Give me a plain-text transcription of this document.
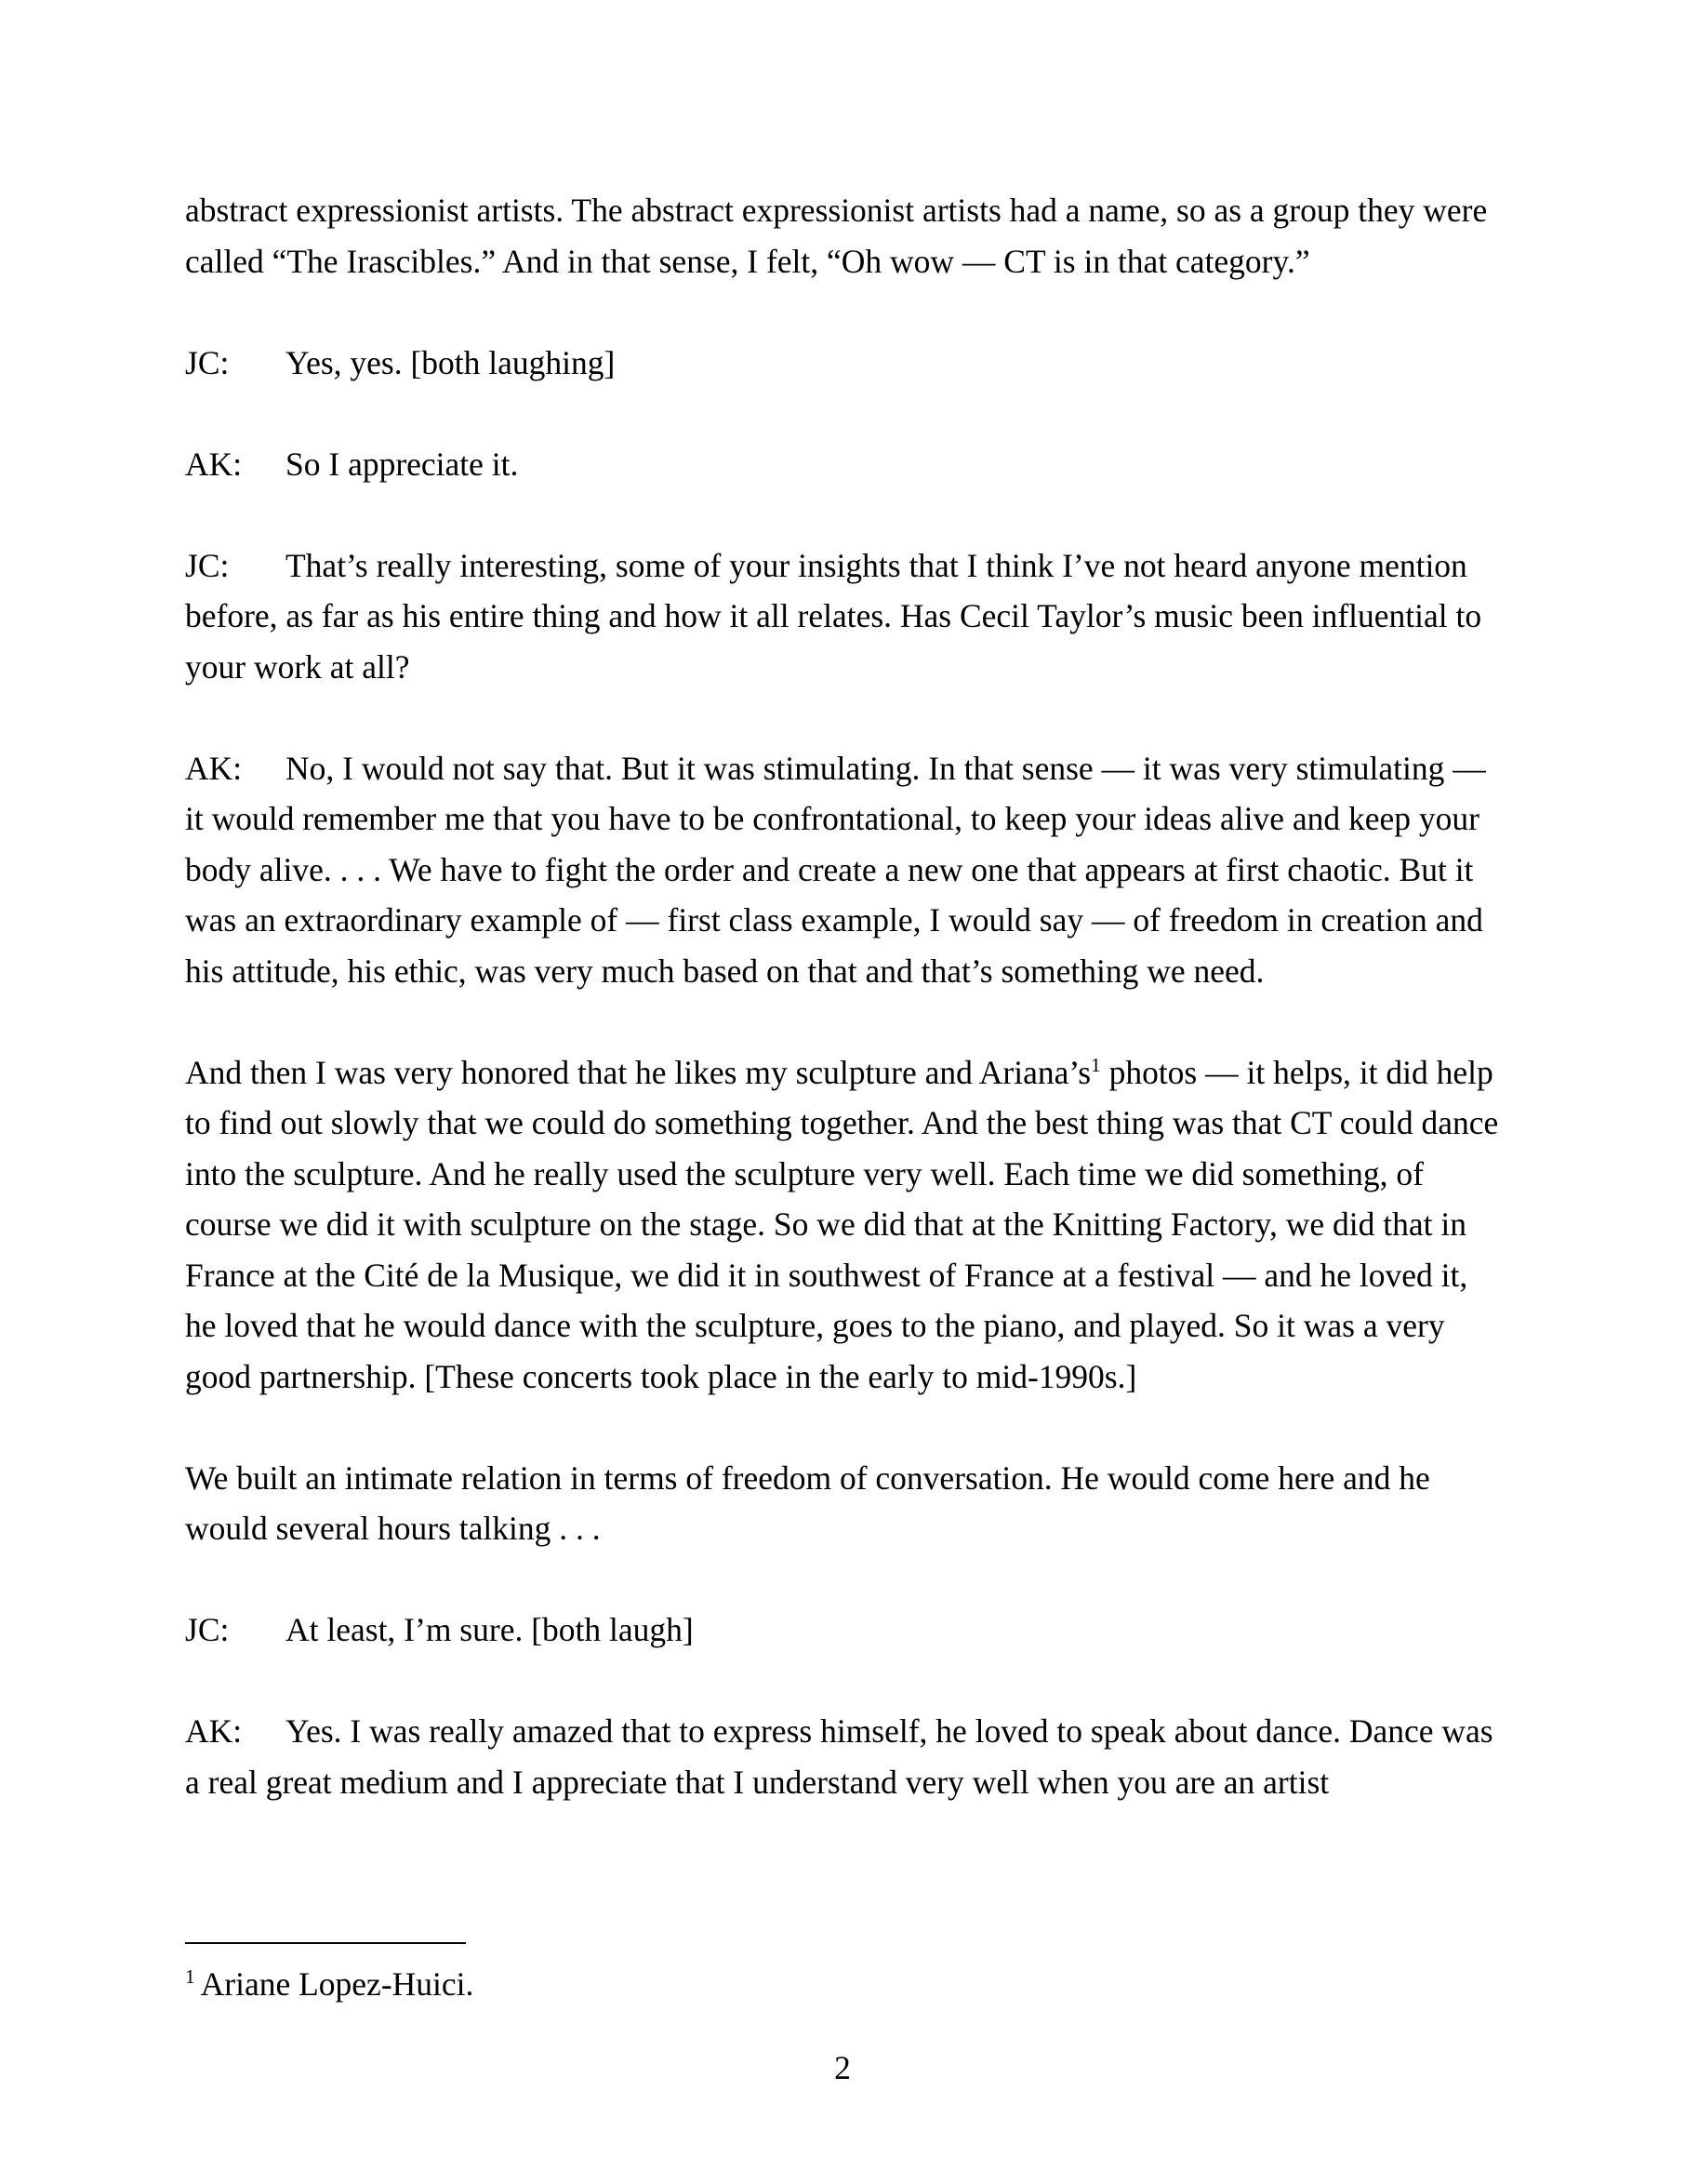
abstract expressionist artists. The abstract expressionist artists had a name, so as a group they were called “The Irascibles.” And in that sense, I felt, “Oh wow — CT is in that category.”

JC: Yes, yes. [both laughing]

AK: So I appreciate it.

JC: That’s really interesting, some of your insights that I think I’ve not heard anyone mention before, as far as his entire thing and how it all relates. Has Cecil Taylor’s music been influential to your work at all?

AK: No, I would not say that. But it was stimulating. In that sense — it was very stimulating — it would remember me that you have to be confrontational, to keep your ideas alive and keep your body alive. . . . We have to fight the order and create a new one that appears at first chaotic. But it was an extraordinary example of — first class example, I would say — of freedom in creation and his attitude, his ethic, was very much based on that and that’s something we need.

And then I was very honored that he likes my sculpture and $Ariana’s^1$ photos — it helps, it did help to find out slowly that we could do something together. And the best thing was that CT could dance into the sculpture. And he really used the sculpture very well. Each time we did something, of course we did it with sculpture on the stage. So we did that at the Knitting Factory, we did that in France at the Cité de la Musique, we did it in southwest of France at a festival — and he loved it, he loved that he would dance with the sculpture, goes to the piano, and played. So it was a very good partnership. [These concerts took place in the early to mid-1990s.]

We built an intimate relation in terms of freedom of conversation. He would come here and he would several hours talking . . .

JC: At least, I’m sure. [both laugh]

AK: Yes. I was really amazed that to express himself, he loved to speak about dance. Dance was a real great medium and I appreciate that I understand very well when you are an artist

$^1$ Ariane Lopez-Huici.
2
